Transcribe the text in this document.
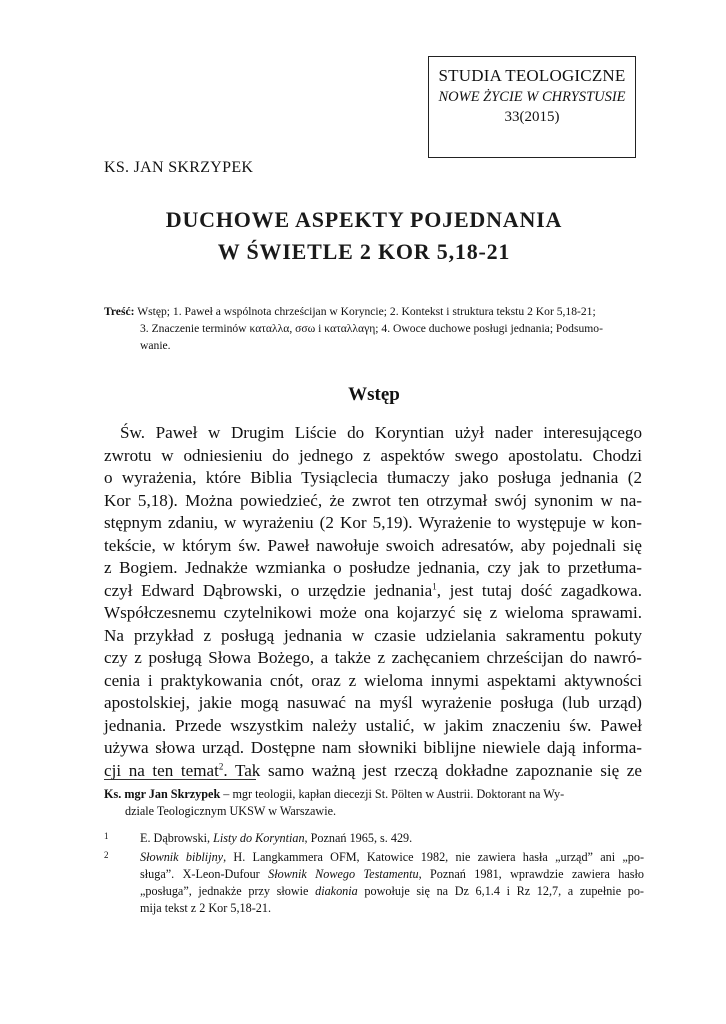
STUDIA TEOLOGICZNE
NOWE ŻYCIE W CHRYSTUSIE
33(2015)
KS. JAN SKRZYPEK
DUCHOWE ASPEKTY POJEDNANIA
W ŚWIETLE 2 KOR 5,18-21
Treść: Wstęp; 1. Paweł a wspólnota chrześcijan w Koryncie; 2. Kontekst i struktura tekstu 2 Kor 5,18-21;
3. Znaczenie terminów καταλλα, σσω i καταλλαγη; 4. Owoce duchowe posługi jednania; Podsumo-
wanie.
Wstęp
Św. Paweł w Drugim Liście do Koryntian użył nader interesującego
zwrotu w odniesieniu do jednego z aspektów swego apostolatu. Chodzi
o wyrażenia, które Biblia Tysiąclecia tłumaczy jako posługa jednania (2
Kor 5,18). Można powiedzieć, że zwrot ten otrzymał swój synonim w na-
stępnym zdaniu, w wyrażeniu (2 Kor 5,19). Wyrażenie to występuje w kon-
tekście, w którym św. Paweł nawołuje swoich adresatów, aby pojednali się
z Bogiem. Jednakże wzmianka o posłudze jednania, czy jak to przetłuma-
czył Edward Dąbrowski, o urzędzie jednania$^1$, jest tutaj dość zagadkowa.
Współczesnemu czytelnikowi może ona kojarzyć się z wieloma sprawami.
Na przykład z posługą jednania w czasie udzielania sakramentu pokuty
czy z posługą Słowa Bożego, a także z zachęcaniem chrześcijan do nawró-
cenia i praktykowania cnót, oraz z wieloma innymi aspektami aktywności
apostolskiej, jakie mogą nasuwać na myśl wyrażenie posługa (lub urząd)
jednania. Przede wszystkim należy ustalić, w jakim znaczeniu św. Paweł
używa słowa urząd. Dostępne nam słowniki biblijne niewiele dają informa-
cji na ten temat$^2$. Tak samo ważną jest rzeczą dokładne zapoznanie się ze
Ks. mgr Jan Skrzypek – mgr teologii, kapłan diecezji St. Pölten w Austrii. Doktorant na Wy-
dziale Teologicznym UKSW w Warszawie.
1	E. Dąbrowski, Listy do Koryntian, Poznań 1965, s. 429.
2	Słownik biblijny, H. Langkammera OFM, Katowice 1982, nie zawiera hasła „urząd” ani „po-
sługa”. X-Leon-Dufour Słownik Nowego Testamentu, Poznań 1981, wprawdzie zawiera hasło
„posługa”, jednakże przy słowie diakonia powołuje się na Dz 6,1.4 i Rz 12,7, a zupełnie po-
mija tekst z 2 Kor 5,18-21.
